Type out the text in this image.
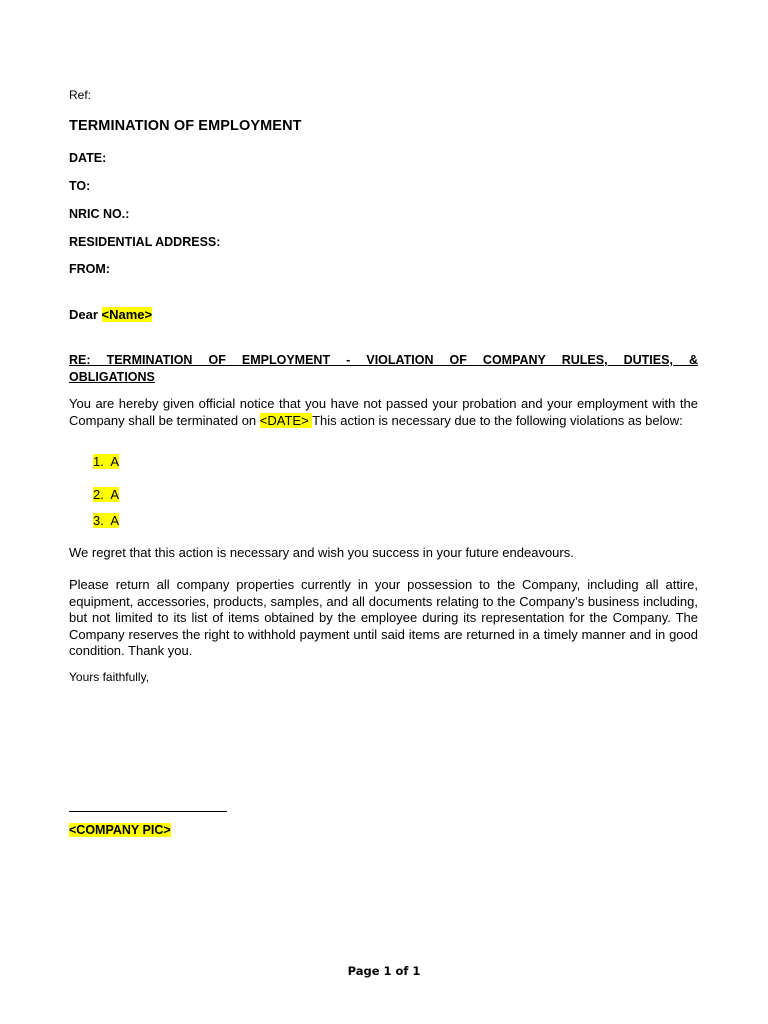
Ref:
TERMINATION OF EMPLOYMENT
DATE:
TO:
NRIC NO.:
RESIDENTIAL ADDRESS:
FROM:
Dear <Name>
RE: TERMINATION OF EMPLOYMENT - VIOLATION OF COMPANY RULES, DUTIES, & OBLIGATIONS
You are hereby given official notice that you have not passed your probation and your employment with the Company shall be terminated on <DATE> This action is necessary due to the following violations as below:
1. A
2. A
3. A
We regret that this action is necessary and wish you success in your future endeavours.
Please return all company properties currently in your possession to the Company, including all attire, equipment, accessories, products, samples, and all documents relating to the Company’s business including, but not limited to its list of items obtained by the employee during its representation for the Company. The Company reserves the right to withhold payment until said items are returned in a timely manner and in good condition. Thank you.
Yours faithfully,
<COMPANY PIC>
Page 1 of 1
